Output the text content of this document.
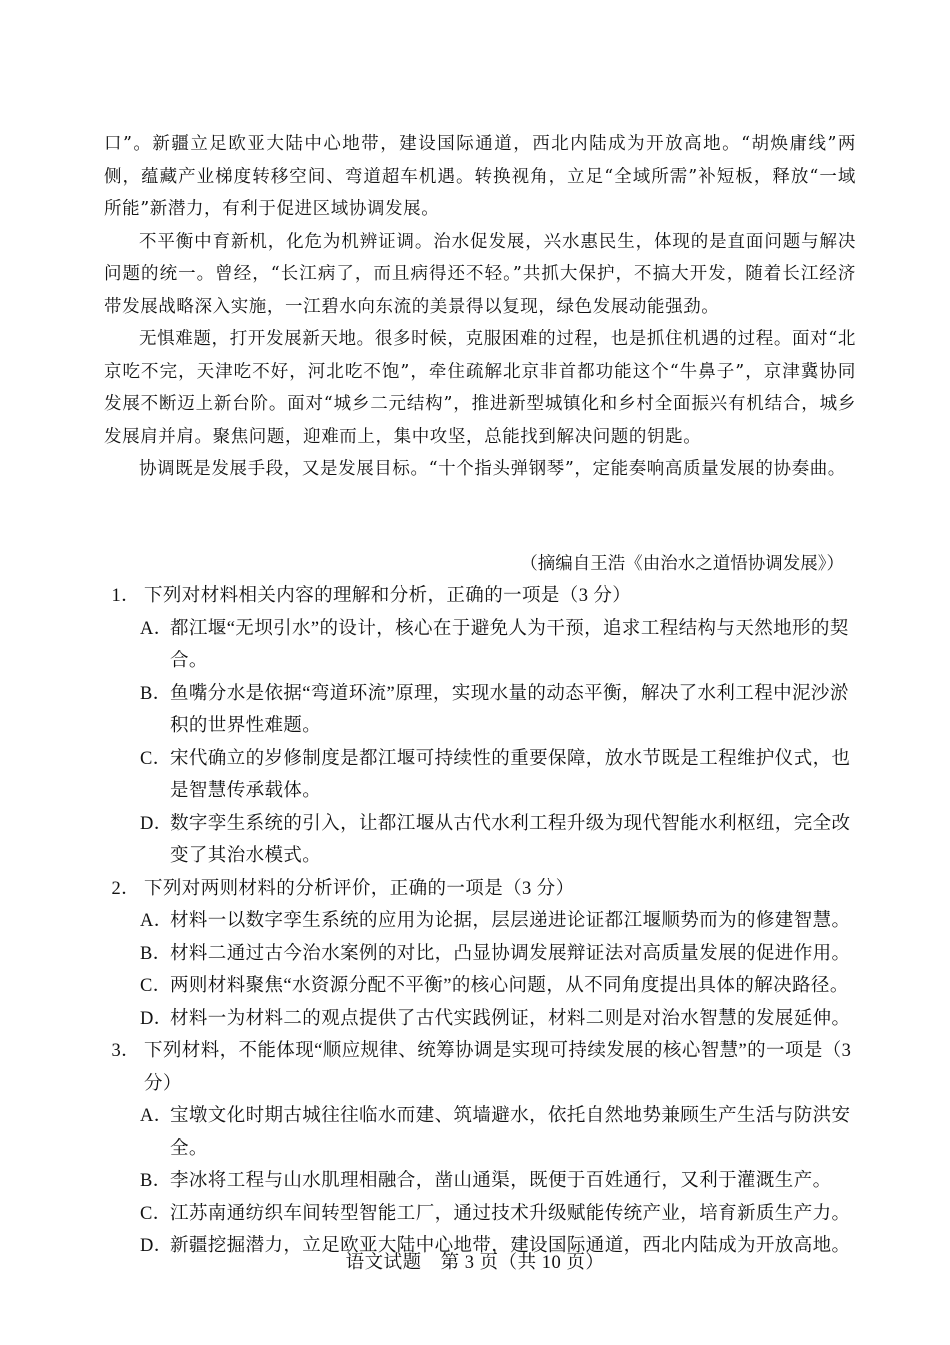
口”。新疆立足欧亚大陆中心地带，建设国际通道，西北内陆成为开放高地。“胡焕庸线”两侧，蕴藏产业梯度转移空间、弯道超车机遇。转换视角，立足“全域所需”补短板，释放“一域所能”新潜力，有利于促进区域协调发展。

不平衡中育新机，化危为机辨证调。治水促发展，兴水惠民生，体现的是直面问题与解决问题的统一。曾经，“长江病了，而且病得还不轻。”共抓大保护，不搞大开发，随着长江经济带发展战略深入实施，一江碧水向东流的美景得以复现，绿色发展动能强劲。

无惧难题，打开发展新天地。很多时候，克服困难的过程，也是抓住机遇的过程。面对“北京吃不完，天津吃不好，河北吃不饱”，牵住疏解北京非首都功能这个“牛鼻子”，京津冀协同发展不断迈上新台阶。面对“城乡二元结构”，推进新型城镇化和乡村全面振兴有机结合，城乡发展肩并肩。聚焦问题，迎难而上，集中攻坚，总能找到解决问题的钥匙。

协调既是发展手段，又是发展目标。“十个指头弹钢琴”，定能奏响高质量发展的协奏曲。

（摘编自王浩《由治水之道悟协调发展》）
1． 下列对材料相关内容的理解和分析，正确的一项是（3 分）
A．
都江堰“无坝引水”的设计，核心在于避免人为干预，追求工程结构与天然地形的契合。
B．
鱼嘴分水是依据“弯道环流”原理，实现水量的动态平衡，解决了水利工程中泥沙淤积的世界性难题。
C．
宋代确立的岁修制度是都江堰可持续性的重要保障，放水节既是工程维护仪式，也是智慧传承载体。
D．
数字孪生系统的引入，让都江堰从古代水利工程升级为现代智能水利枢纽，完全改变了其治水模式。
2． 下列对两则材料的分析评价，正确的一项是（3 分）
A．
材料一以数字孪生系统的应用为论据，层层递进论证都江堰顺势而为的修建智慧。
B．
材料二通过古今治水案例的对比，凸显协调发展辩证法对高质量发展的促进作用。
C．
两则材料聚焦“水资源分配不平衡”的核心问题，从不同角度提出具体的解决路径。
D．
材料一为材料二的观点提供了古代实践例证，材料二则是对治水智慧的发展延伸。
3． 下列材料，不能体现“顺应规律、统筹协调是实现可持续发展的核心智慧”的一项是（3 分）
A．
宝墩文化时期古城往往临水而建、筑墙避水，依托自然地势兼顾生产生活与防洪安全。
B．
李冰将工程与山水肌理相融合，凿山通渠，既便于百姓通行，又利于灌溉生产。
C．
江苏南通纺织车间转型智能工厂，通过技术升级赋能传统产业，培育新质生产力。
D．
新疆挖掘潜力，立足欧亚大陆中心地带，建设国际通道，西北内陆成为开放高地。
语文试题　第 3 页（共 10 页）
